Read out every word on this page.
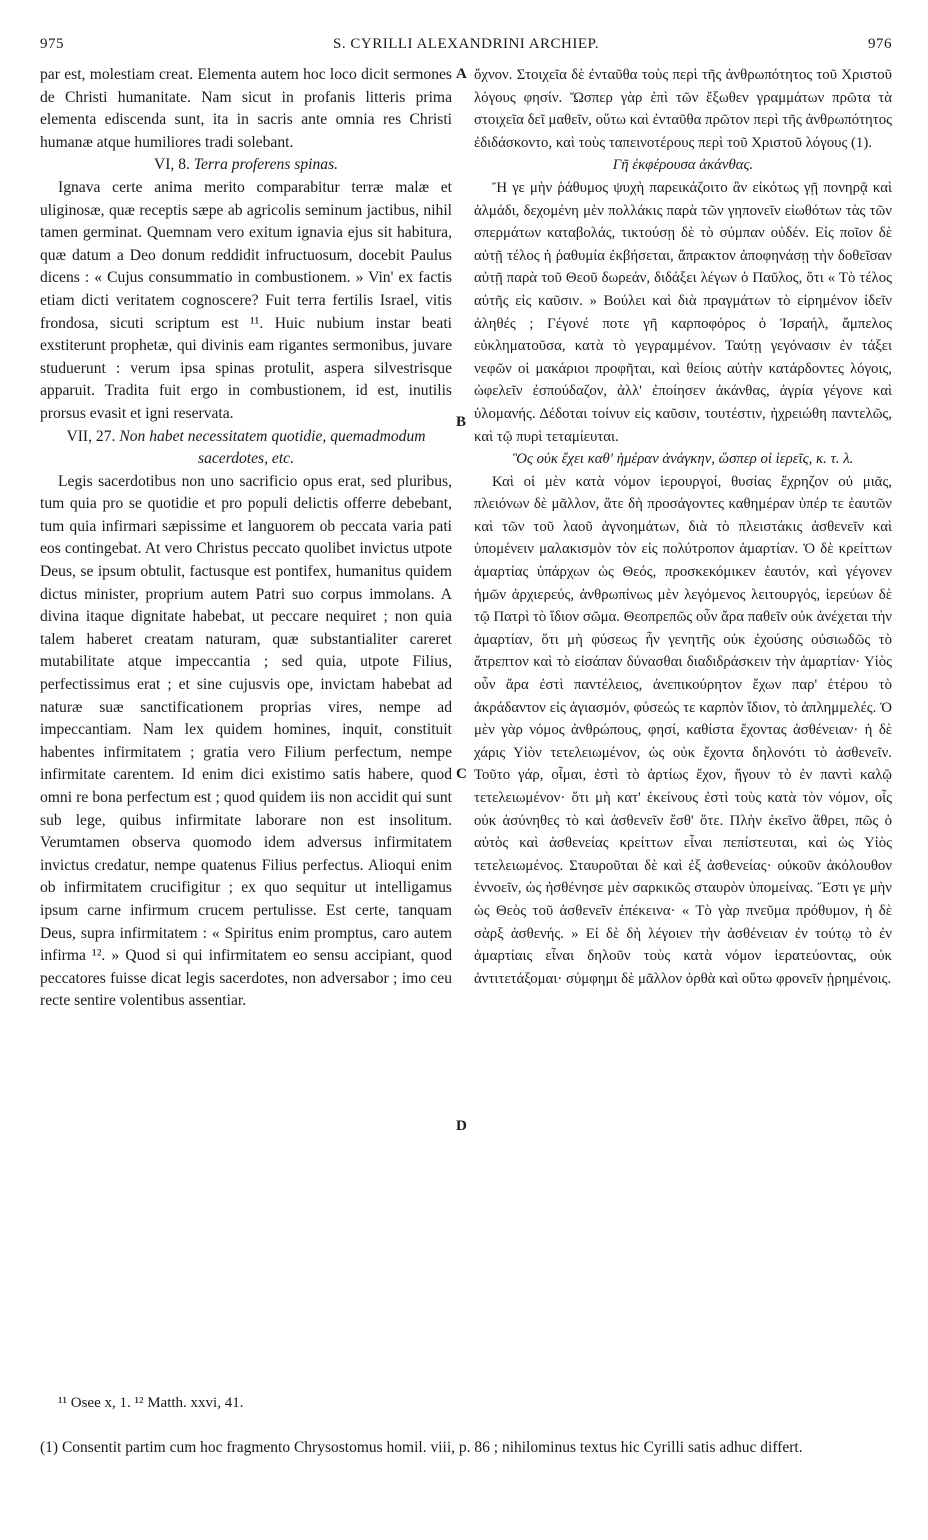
975	S. CYRILLI ALEXANDRINI ARCHIEP.	976

par est, molestiam creat. Elementa autem hoc loco dicit sermones de Christi humanitate. Nam sicut in profanis litteris prima elementa ediscenda sunt, ita in sacris ante omnia res Christi humanæ atque humiliores tradi solebant.

VI, 8. Terra proferens spinas.

Ignava certe anima merito comparabitur terræ malæ et uliginosæ, quæ receptis sæpe ab agricolis seminum jactibus, nihil tamen germinat. Quemnam vero exitum ignavia ejus sit habitura, quæ datum a Deo donum reddidit infructuosum, docebit Paulus dicens : « Cujus consummatio in combustionem. » Vin' ex factis etiam dicti veritatem cognoscere? Fuit terra fertilis Israel, vitis frondosa, sicuti scriptum est ¹¹. Huic nubium instar beati exstiterunt prophetæ, qui divinis eam rigantes sermonibus, juvare studuerunt : verum ipsa spinas protulit, aspera silvestrisque apparuit. Tradita fuit ergo in combustionem, id est, inutilis prorsus evasit et igni reservata.

VII, 27. Non habet necessitatem quotidie, quemadmodum sacerdotes, etc.

Legis sacerdotibus non uno sacrificio opus erat, sed pluribus, tum quia pro se quotidie et pro populi delictis offerre debebant, tum quia infirmari sæpissime et languorem ob peccata varia pati eos contingebat. At vero Christus peccato quolibet invictus utpote Deus, se ipsum obtulit, factusque est pontifex, humanitus quidem dictus minister, proprium autem Patri suo corpus immolans. A divina itaque dignitate habebat, ut peccare nequiret ; non quia talem haberet creatam naturam, quæ substantialiter careret mutabilitate atque impeccantia ; sed quia, utpote Filius, perfectissimus erat ; et sine cujusvis ope, invictam habebat ad naturæ suæ sanctificationem proprias vires, nempe ad impeccantiam. Nam lex quidem homines, inquit, constituit habentes infirmitatem ; gratia vero Filium perfectum, nempe infirmitate carentem. Id enim dici existimo satis habere, quod omni re bona perfectum est ; quod quidem iis non accidit qui sunt sub lege, quibus infirmitate laborare non est insolitum. Verumtamen observa quomodo idem adversus infirmitatem invictus credatur, nempe quatenus Filius perfectus. Alioqui enim ob infirmitatem crucifigitur ; ex quo sequitur ut intelligamus ipsum carne infirmum crucem pertulisse. Est certe, tanquam Deus, supra infirmitatem : « Spiritus enim promptus, caro autem infirma ¹². » Quod si qui infirmitatem eo sensu accipiant, quod peccatores fuisse dicat legis sacerdotes, non adversabor ; imo ceu recte sentire volentibus assentiar.

A
B
C
D

ὄχνον. Στοιχεῖα δὲ ἐνταῦθα τοὺς περὶ τῆς ἀνθρωπότητος τοῦ Χριστοῦ λόγους φησίν. Ὥσπερ γὰρ ἐπὶ τῶν ἔξωθεν γραμμάτων πρῶτα τὰ στοιχεῖα δεῖ μαθεῖν, οὕτω καὶ ἐνταῦθα πρῶτον περὶ τῆς ἀνθρωπότητος ἐδιδάσκοντο, καὶ τοὺς ταπεινοτέρους περὶ τοῦ Χριστοῦ λόγους (1).

Γῆ ἐκφέρουσα ἀκάνθας.

Ἤ γε μὴν ῥάθυμος ψυχὴ παρεικάζοιτο ἂν εἰκότως γῇ πονηρᾷ καὶ ἁλμάδι, δεχομένη μὲν πολλάκις παρὰ τῶν γηπονεῖν εἰωθότων τὰς τῶν σπερμάτων καταβολάς, τικτούσῃ δὲ τὸ σύμπαν οὐδέν. Εἰς ποῖον δὲ αὐτῇ τέλος ἡ ῥαθυμία ἐκβήσεται, ἄπρακτον ἀποφηνάσῃ τὴν δοθεῖσαν αὐτῇ παρὰ τοῦ Θεοῦ δωρεάν, διδάξει λέγων ὁ Παῦλος, ὅτι « Τὸ τέλος αὐτῆς εἰς καῦσιν. » Βούλει καὶ διὰ πραγμάτων τὸ εἰρημένον ἰδεῖν ἀληθές ; Γέγονέ ποτε γῆ καρποφόρος ὁ Ἰσραήλ, ἄμπελος εὐκληματοῦσα, κατὰ τὸ γεγραμμένον. Ταύτῃ γεγόνασιν ἐν τάξει νεφῶν οἱ μακάριοι προφῆται, καὶ θείοις αὐτὴν κατάρδοντες λόγοις, ὠφελεῖν ἐσπούδαζον, ἀλλ' ἐποίησεν ἀκάνθας, ἀγρία γέγονε καὶ ὑλομανής. Δέδοται τοίνυν εἰς καῦσιν, τουτέστιν, ἠχρειώθη παντελῶς, καὶ τῷ πυρὶ τεταμίευται.

Ὃς οὐκ ἔχει καθ' ἡμέραν ἀνάγκην, ὥσπερ οἱ ἱερεῖς, κ. τ. λ.

Καὶ οἱ μὲν κατὰ νόμον ἱερουργοί, θυσίας ἔχρηζον οὐ μιᾶς, πλειόνων δὲ μᾶλλον, ἅτε δὴ προσάγοντες καθημέραν ὑπέρ τε ἑαυτῶν καὶ τῶν τοῦ λαοῦ ἀγνοημάτων, διὰ τὸ πλειστάκις ἀσθενεῖν καὶ ὑπομένειν μαλακισμὸν τὸν εἰς πολύτροπον ἁμαρτίαν. Ὁ δὲ κρείττων ἁμαρτίας ὑπάρχων ὡς Θεός, προσκεκόμικεν ἑαυτόν, καὶ γέγονεν ἡμῶν ἀρχιερεύς, ἀνθρωπίνως μὲν λεγόμενος λειτουργός, ἱερεύων δὲ τῷ Πατρὶ τὸ ἴδιον σῶμα. Θεοπρεπῶς οὖν ἄρα παθεῖν οὐκ ἀνέχεται τὴν ἁμαρτίαν, ὅτι μὴ φύσεως ἦν γενητῆς οὐκ ἐχούσης οὐσιωδῶς τὸ ἄτρεπτον καὶ τὸ εἰσάπαν δύνασθαι διαδιδράσκειν τὴν ἁμαρτίαν· Υἱὸς οὖν ἄρα ἐστὶ παντέλειος, ἀνεπικούρητον ἔχων παρ' ἑτέρου τὸ ἀκράδαντον εἰς ἁγιασμόν, φύσεώς τε καρπὸν ἴδιον, τὸ ἀπλημμελές. Ὁ μὲν γὰρ νόμος ἀνθρώπους, φησί, καθίστα ἔχοντας ἀσθένειαν· ἡ δὲ χάρις Υἱὸν τετελειωμένον, ὡς οὐκ ἔχοντα δηλονότι τὸ ἀσθενεῖν. Τοῦτο γάρ, οἶμαι, ἐστὶ τὸ ἀρτίως ἔχον, ἥγουν τὸ ἐν παντὶ καλῷ τετελειωμένον· ὅτι μὴ κατ' ἐκείνους ἐστὶ τοὺς κατὰ τὸν νόμον, οἷς οὐκ ἀσύνηθες τὸ καὶ ἀσθενεῖν ἔσθ' ὅτε. Πλὴν ἐκεῖνο ἄθρει, πῶς ὁ αὐτὸς καὶ ἀσθενείας κρείττων εἶναι πεπίστευται, καὶ ὡς Υἱὸς τετελειωμένος. Σταυροῦται δὲ καὶ ἐξ ἀσθενείας· οὐκοῦν ἀκόλουθον ἐννοεῖν, ὡς ἠσθένησε μὲν σαρκικῶς σταυρὸν ὑπομείνας. Ἔστι γε μὴν ὡς Θεὸς τοῦ ἀσθενεῖν ἐπέκεινα· « Τὸ γὰρ πνεῦμα πρόθυμον, ἡ δὲ σὰρξ ἀσθενής. » Εἰ δὲ δὴ λέγοιεν τὴν ἀσθένειαν ἐν τούτῳ τὸ ἐν ἁμαρτίαις εἶναι δηλοῦν τοὺς κατὰ νόμον ἱερατεύοντας, οὐκ ἀντιτετάξομαι· σύμφημι δὲ μᾶλλον ὀρθὰ καὶ οὕτω φρονεῖν ᾑρημένοις.

¹¹ Osee x, 1. ¹² Matth. xxvi, 41.
(1) Consentit partim cum hoc fragmento Chrysostomus homil. viii, p. 86 ; nihilominus textus hic Cyrilli satis adhuc differt.
